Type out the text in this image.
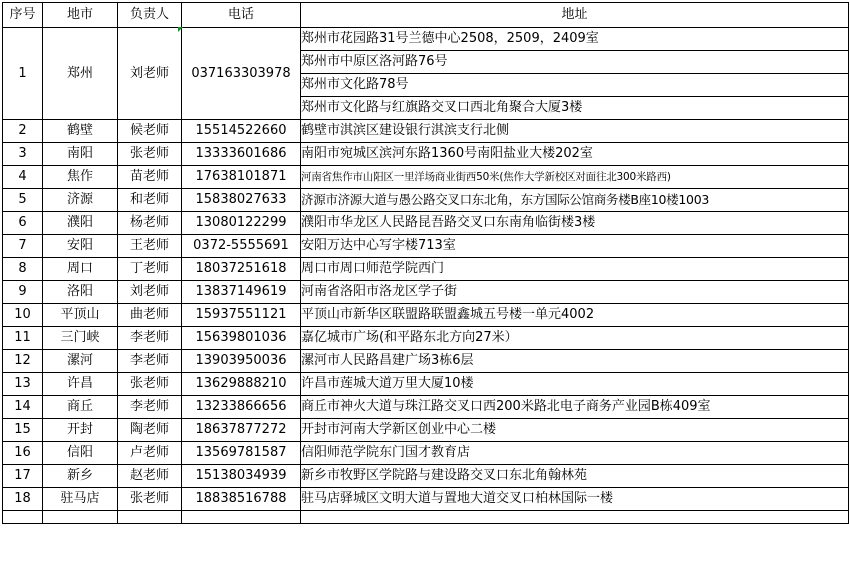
序号	地市	负责人	电话	地址
1	郑州	刘老师	037163303978	郑州市花园路31号兰德中心2508，2509，2409室
				郑州市中原区洛河路76号
				郑州市文化路78号
				郑州市文化路与红旗路交叉口西北角聚合大厦3楼
2	鹤壁	候老师	15514522660	鹤壁市淇滨区建设银行淇滨支行北侧
3	南阳	张老师	13333601686	南阳市宛城区滨河东路1360号南阳盐业大楼202室
4	焦作	苗老师	17638101871	河南省焦作市山阳区一里洋场商业街西50米(焦作大学新校区对面往北300米路西)
5	济源	和老师	15838027633	济源市济源大道与愚公路交叉口东北角，东方国际公馆商务楼B座10楼1003
6	濮阳	杨老师	13080122299	濮阳市华龙区人民路昆吾路交叉口东南角临街楼3楼
7	安阳	王老师	0372-5555691	安阳万达中心写字楼713室
8	周口	丁老师	18037251618	周口市周口师范学院西门
9	洛阳	刘老师	13837149619	河南省洛阳市洛龙区学子街
10	平顶山	曲老师	15937551121	平顶山市新华区联盟路联盟鑫城五号楼一单元4002
11	三门峡	李老师	15639801036	嘉亿城市广场(和平路东北方向27米）
12	漯河	李老师	13903950036	漯河市人民路昌建广场3栋6层
13	许昌	张老师	13629888210	许昌市莲城大道万里大厦10楼
14	商丘	李老师	13233866656	商丘市神火大道与珠江路交叉口西200米路北电子商务产业园B栋409室
15	开封	陶老师	18637877272	开封市河南大学新区创业中心二楼
16	信阳	卢老师	13569781587	信阳师范学院东门国才教育店
17	新乡	赵老师	15138034939	新乡市牧野区学院路与建设路交叉口东北角翰林苑
18	驻马店	张老师	18838516788	驻马店驿城区文明大道与置地大道交叉口柏林国际一楼
